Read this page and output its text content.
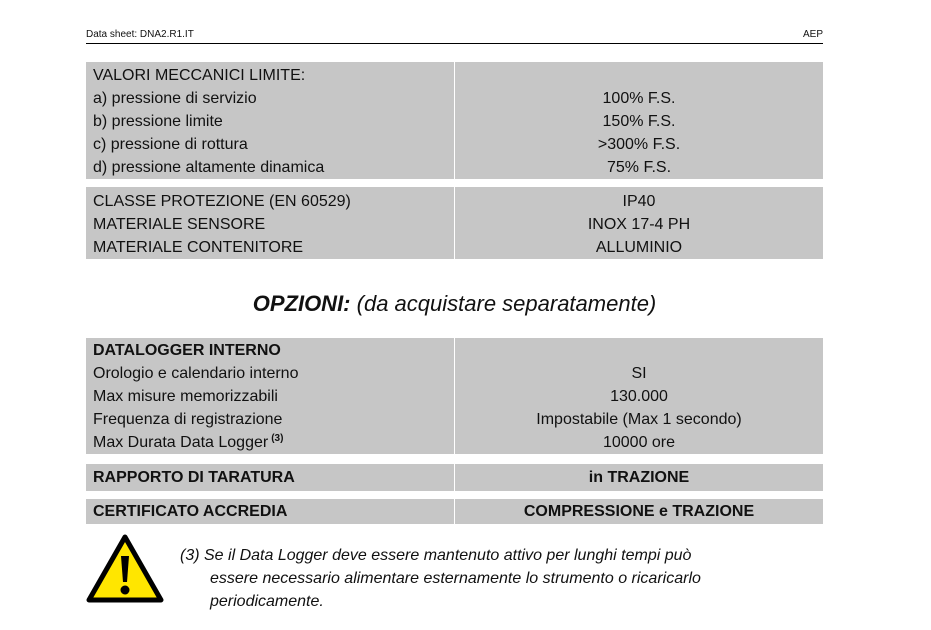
Data sheet: DNA2.R1.IT	AEP
VALORI MECCANICI LIMITE:
a) pressione di servizio	100% F.S.
b) pressione limite	150% F.S.
c) pressione di rottura	>300% F.S.
d) pressione altamente dinamica	75% F.S.
CLASSE PROTEZIONE (EN 60529)	IP40
MATERIALE SENSORE	INOX 17-4 PH
MATERIALE CONTENITORE	ALLUMINIO
OPZIONI: (da acquistare separatamente)
DATALOGGER INTERNO
Orologio e calendario interno	SI
Max misure memorizzabili	130.000
Frequenza di registrazione	Impostabile (Max 1 secondo)
Max Durata Data Logger $^{(3)}$	10000 ore
RAPPORTO DI TARATURA	in TRAZIONE
CERTIFICATO ACCREDIA	COMPRESSIONE e TRAZIONE
(3) Se il Data Logger deve essere mantenuto attivo per lunghi tempi può
essere necessario alimentare esternamente lo strumento o ricaricarlo
periodicamente.
